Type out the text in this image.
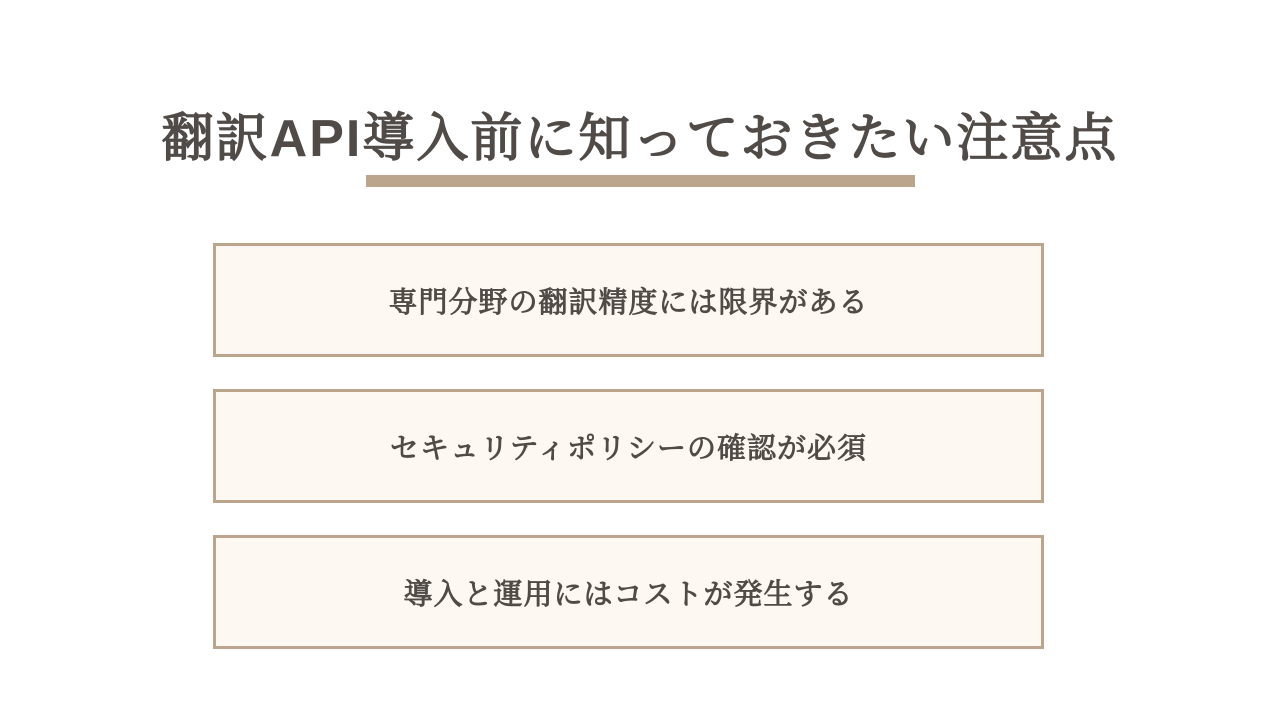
翻訳API導入前に知っておきたい注意点
専門分野の翻訳精度には限界がある
セキュリティポリシーの確認が必須
導入と運用にはコストが発生する
